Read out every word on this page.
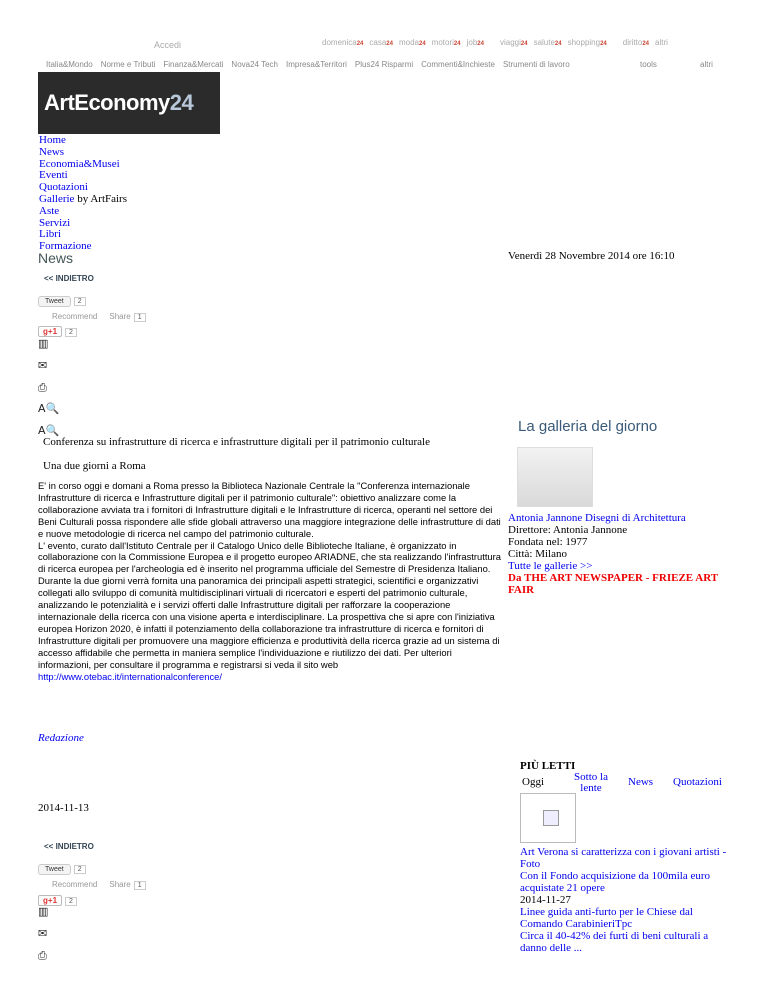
Accedi	domenica24 casa24 moda24 motori24 job24 viaggi24 salute24 shopping24 diritto24 altri
Italia&Mondo Norme e Tributi Finanza&Mercati Nova24 Tech Impresa&Territori Plus24 Risparmi Commenti&Inchieste Strumenti di lavoro	tools	altri
ArtEconomy 24
Home
News
Economia&Musei
Eventi
Quotazioni
Gallerie by ArtFairs
Aste
Servizi
Libri
Formazione
News	Venerdì 28 Novembre 2014 ore 16:10
<< INDIETRO
Tweet 2
Recommend Share 1
g+1 2
▥
✉
⎙
A🔍
A🔍
Conferenza su infrastrutture di ricerca e infrastrutture digitali per il patrimonio culturale
Una due giorni a Roma
E' in corso oggi e domani a Roma presso la Biblioteca Nazionale Centrale la "Conferenza internazionale Infrastrutture di ricerca e Infrastrutture digitali per il patrimonio culturale": obiettivo analizzare come la collaborazione avviata tra i fornitori di Infrastrutture digitali e le Infrastrutture di ricerca, operanti nel settore dei Beni Culturali possa rispondere alle sfide globali attraverso una maggiore integrazione delle infrastrutture di dati e nuove metodologie di ricerca nel campo del patrimonio culturale.
L' evento, curato dall'Istituto Centrale per il Catalogo Unico delle Biblioteche Italiane, è organizzato in collaborazione con la Commissione Europea e il progetto europeo ARIADNE, che sta realizzando l'infrastruttura di ricerca europea per l'archeologia ed è inserito nel programma ufficiale del Semestre di Presidenza Italiano.
Durante la due giorni verrà fornita una panoramica dei principali aspetti strategici, scientifici e organizzativi collegati allo sviluppo di comunità multidisciplinari virtuali di ricercatori e esperti del patrimonio culturale, analizzando le potenzialità e i servizi offerti dalle Infrastrutture digitali per rafforzare la cooperazione internazionale della ricerca con una visione aperta e interdisciplinare. La prospettiva che si apre con l'iniziativa europea Horizon 2020, è infatti il potenziamento della collaborazione tra infrastrutture di ricerca e fornitori di Infrastrutture digitali per promuovere una maggiore efficienza e produttività della ricerca grazie ad un sistema di accesso affidabile che permetta in maniera semplice l'individuazione e riutilizzo dei dati. Per ulteriori informazioni, per consultare il programma e registrarsi si veda il sito web
http://www.otebac.it/internationalconference/
Redazione
La galleria del giorno
Antonia Jannone Disegni di Architettura
Direttore: Antonia Jannone
Fondata nel: 1977
Città: Milano
Tutte le gallerie >>
Da THE ART NEWSPAPER - FRIEZE ART FAIR
PIÙ LETTI
Oggi	Sotto la lente	News Quotazioni
Art Verona si caratterizza con i giovani artisti - Foto
Con il Fondo acquisizione da 100mila euro acquistate 21 opere
2014-11-27
Linee guida anti-furto per le Chiese dal Comando CarabinieriTpc
Circa il 40-42% dei furti di beni culturali a danno delle ...
2014-11-13
<< INDIETRO
Tweet 2
Recommend Share 1
g+1 2
▥
✉
⎙
